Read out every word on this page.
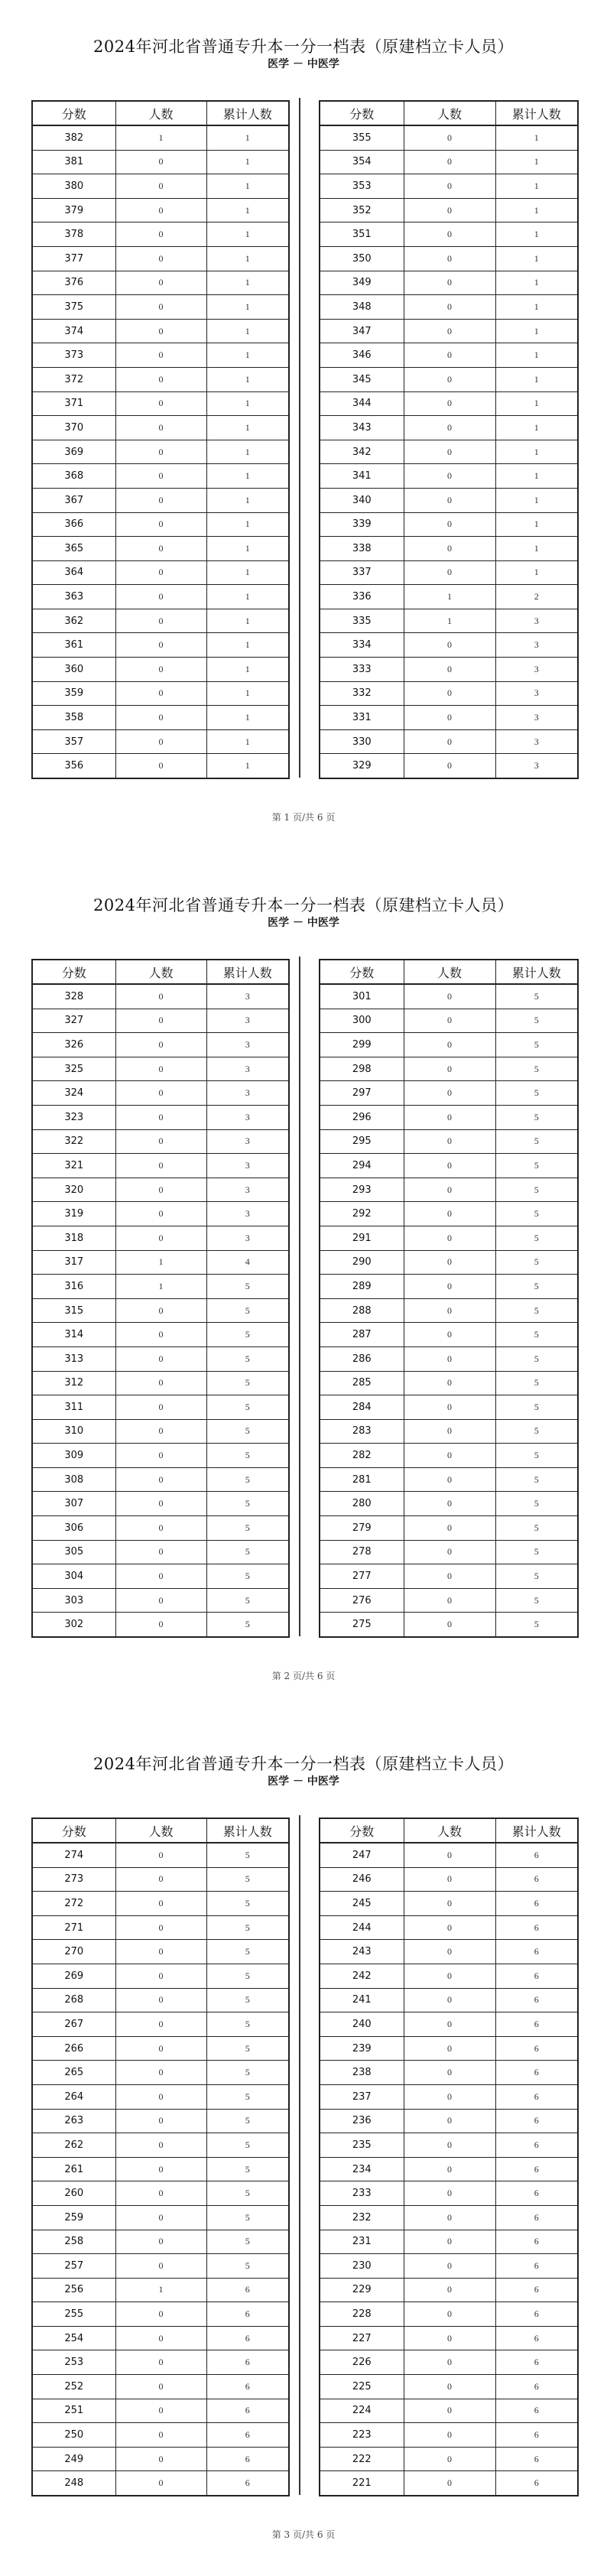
2024年河北省普通专升本一分一档表（原建档立卡人员）
医学 － 中医学
分数	人数	累计人数
382	1	1
381	0	1
380	0	1
379	0	1
378	0	1
377	0	1
376	0	1
375	0	1
374	0	1
373	0	1
372	0	1
371	0	1
370	0	1
369	0	1
368	0	1
367	0	1
366	0	1
365	0	1
364	0	1
363	0	1
362	0	1
361	0	1
360	0	1
359	0	1
358	0	1
357	0	1
356	0	1
分数	人数	累计人数
355	0	1
354	0	1
353	0	1
352	0	1
351	0	1
350	0	1
349	0	1
348	0	1
347	0	1
346	0	1
345	0	1
344	0	1
343	0	1
342	0	1
341	0	1
340	0	1
339	0	1
338	0	1
337	0	1
336	1	2
335	1	3
334	0	3
333	0	3
332	0	3
331	0	3
330	0	3
329	0	3
第 1 页/共 6 页
2024年河北省普通专升本一分一档表（原建档立卡人员）
医学 － 中医学
分数	人数	累计人数
328	0	3
327	0	3
326	0	3
325	0	3
324	0	3
323	0	3
322	0	3
321	0	3
320	0	3
319	0	3
318	0	3
317	1	4
316	1	5
315	0	5
314	0	5
313	0	5
312	0	5
311	0	5
310	0	5
309	0	5
308	0	5
307	0	5
306	0	5
305	0	5
304	0	5
303	0	5
302	0	5
分数	人数	累计人数
301	0	5
300	0	5
299	0	5
298	0	5
297	0	5
296	0	5
295	0	5
294	0	5
293	0	5
292	0	5
291	0	5
290	0	5
289	0	5
288	0	5
287	0	5
286	0	5
285	0	5
284	0	5
283	0	5
282	0	5
281	0	5
280	0	5
279	0	5
278	0	5
277	0	5
276	0	5
275	0	5
第 2 页/共 6 页
2024年河北省普通专升本一分一档表（原建档立卡人员）
医学 － 中医学
分数	人数	累计人数
274	0	5
273	0	5
272	0	5
271	0	5
270	0	5
269	0	5
268	0	5
267	0	5
266	0	5
265	0	5
264	0	5
263	0	5
262	0	5
261	0	5
260	0	5
259	0	5
258	0	5
257	0	5
256	1	6
255	0	6
254	0	6
253	0	6
252	0	6
251	0	6
250	0	6
249	0	6
248	0	6
分数	人数	累计人数
247	0	6
246	0	6
245	0	6
244	0	6
243	0	6
242	0	6
241	0	6
240	0	6
239	0	6
238	0	6
237	0	6
236	0	6
235	0	6
234	0	6
233	0	6
232	0	6
231	0	6
230	0	6
229	0	6
228	0	6
227	0	6
226	0	6
225	0	6
224	0	6
223	0	6
222	0	6
221	0	6
第 3 页/共 6 页
